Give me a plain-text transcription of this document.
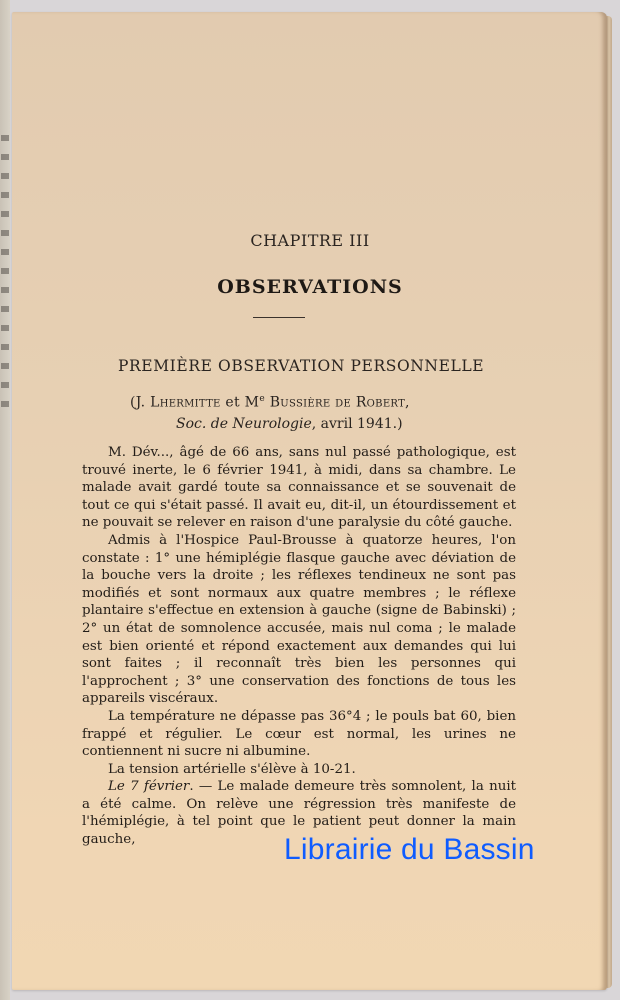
CHAPITRE III
OBSERVATIONS
PREMIÈRE OBSERVATION PERSONNELLE
(J. Lhermitte et Me Bussière de Robert,
Soc. de Neurologie, avril 1941.)

M. Dév..., âgé de 66 ans, sans nul passé pathologique, est trouvé inerte, le 6 février 1941, à midi, dans sa chambre. Le malade avait gardé toute sa connaissance et se souvenait de tout ce qui s'était passé. Il avait eu, dit-il, un étourdissement et ne pouvait se relever en raison d'une paralysie du côté gauche.

Admis à l'Hospice Paul-Brousse à quatorze heures, l'on constate : 1° une hémiplégie flasque gauche avec déviation de la bouche vers la droite ; les réflexes tendineux ne sont pas modifiés et sont normaux aux quatre membres ; le réflexe plantaire s'effectue en extension à gauche (signe de Babinski) ; 2° un état de somnolence accusée, mais nul coma ; le malade est bien orienté et répond exactement aux demandes qui lui sont faites ; il reconnaît très bien les personnes qui l'approchent ; 3° une conservation des fonctions de tous les appareils viscéraux.

La température ne dépasse pas 36°4 ; le pouls bat 60, bien frappé et régulier. Le cœur est normal, les urines ne contiennent ni sucre ni albumine.

La tension artérielle s'élève à 10-21.

Le 7 février. — Le malade demeure très somnolent, la nuit a été calme. On relève une régression très manifeste de l'hémiplégie, à tel point que le patient peut donner la main gauche,	Librairie du Bassin
